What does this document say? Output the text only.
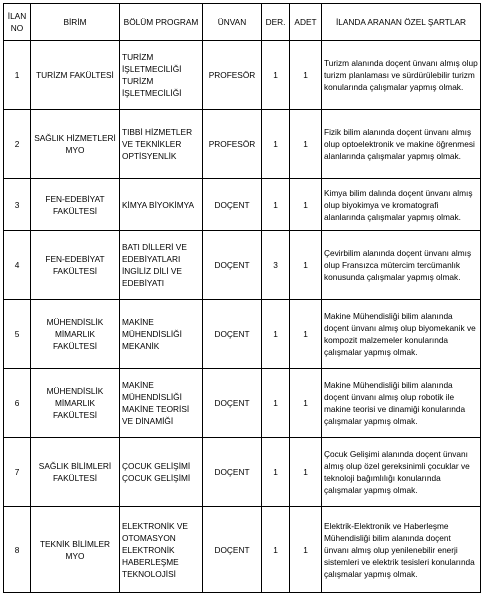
İLAN NO	BİRİM	BÖLÜM PROGRAM	ÜNVAN	DER.	ADET	İLANDA ARANAN ÖZEL ŞARTLAR
1	TURİZM FAKÜLTESİ	TURİZM İŞLETMECİLİĞİ TURİZM İŞLETMECİLİĞİ	PROFESÖR	1	1	Turizm alanında doçent ünvanı almış olup turizm planlaması ve sürdürülebilir turizm konularında çalışmalar yapmış olmak.
2	SAĞLIK HİZMETLERİ MYO	TIBBİ HİZMETLER VE TEKNİKLER OPTİSYENLİK	PROFESÖR	1	1	Fizik bilim alanında doçent ünvanı almış olup optoelektronik ve makine öğrenmesi alanlarında çalışmalar yapmış olmak.
3	FEN-EDEBİYAT FAKÜLTESİ	KİMYA BİYOKİMYA	DOÇENT	1	1	Kimya bilim dalında doçent ünvanı almış olup biyokimya ve kromatografi alanlarında çalışmalar yapmış olmak.
4	FEN-EDEBİYAT FAKÜLTESİ	BATI DİLLERİ VE EDEBİYATLARI İNGİLİZ DİLİ VE EDEBİYATI	DOÇENT	3	1	Çevirbilim alanında doçent ünvanı almış olup Fransızca mütercim tercümanlık konusunda çalışmalar yapmış olmak.
5	MÜHENDİSLİK MİMARLIK FAKÜLTESİ	MAKİNE MÜHENDİSLİĞİ MEKANİK	DOÇENT	1	1	Makine Mühendisliği bilim alanında doçent ünvanı almış olup biyomekanik ve kompozit malzemeler konularında çalışmalar yapmış olmak.
6	MÜHENDİSLİK MİMARLIK FAKÜLTESİ	MAKİNE MÜHENDİSLİĞİ MAKİNE TEORİSİ VE DİNAMİĞİ	DOÇENT	1	1	Makine Mühendisliği bilim alanında doçent ünvanı almış olup robotik ile makine teorisi ve dinamiği konularında çalışmalar yapmış olmak.
7	SAĞLIK BİLİMLERİ FAKÜLTESİ	ÇOCUK GELİŞİMİ ÇOCUK GELİŞİMİ	DOÇENT	1	1	Çocuk Gelişimi alanında doçent ünvanı almış olup özel gereksinimli çocuklar ve teknoloji bağımlılığı konularında çalışmalar yapmış olmak.
8	TEKNİK BİLİMLER MYO	ELEKTRONİK VE OTOMASYON ELEKTRONİK HABERLEŞME TEKNOLOJİSİ	DOÇENT	1	1	Elektrik-Elektronik ve Haberleşme Mühendisliği bilim alanında doçent ünvanı almış olup yenilenebilir enerji sistemleri ve elektrik tesisleri konularında çalışmalar yapmış olmak.
